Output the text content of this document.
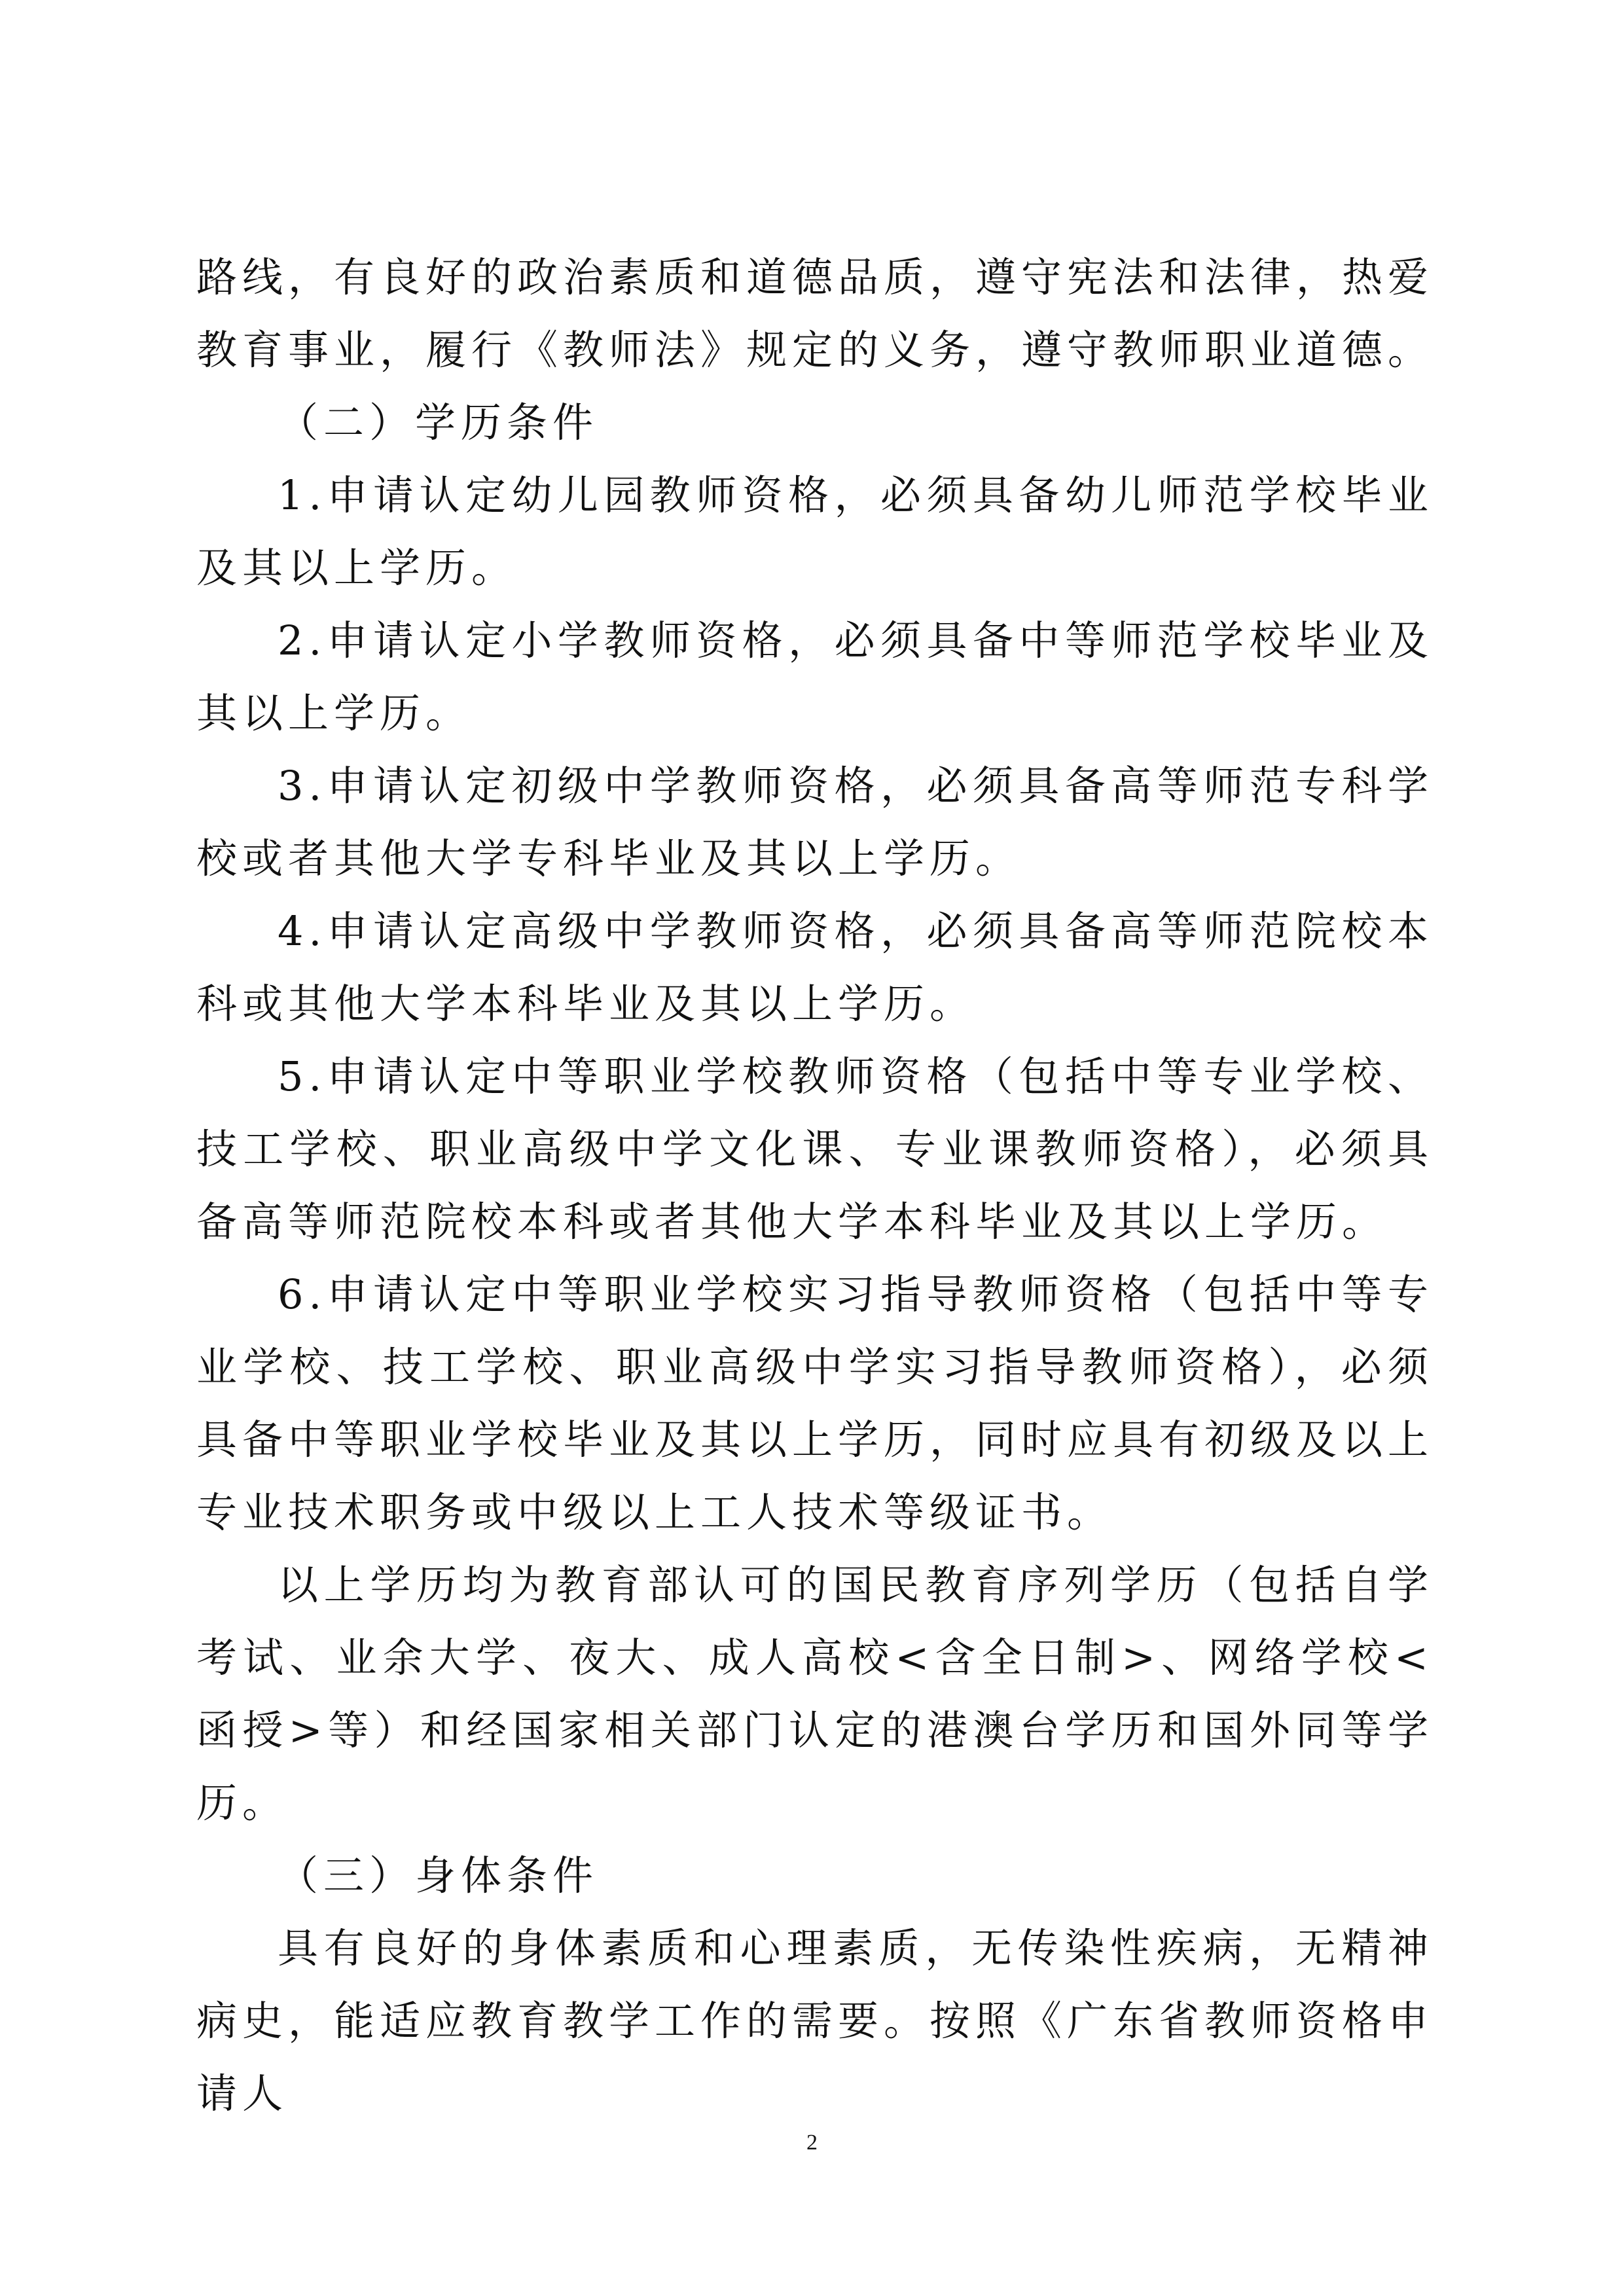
路线，有良好的政治素质和道德品质，遵守宪法和法律，热爱教育事业，履行《教师法》规定的义务，遵守教师职业道德。

（二）学历条件

1.申请认定幼儿园教师资格，必须具备幼儿师范学校毕业及其以上学历。

2.申请认定小学教师资格，必须具备中等师范学校毕业及其以上学历。

3.申请认定初级中学教师资格，必须具备高等师范专科学校或者其他大学专科毕业及其以上学历。

4.申请认定高级中学教师资格，必须具备高等师范院校本科或其他大学本科毕业及其以上学历。

5.申请认定中等职业学校教师资格（包括中等专业学校、技工学校、职业高级中学文化课、专业课教师资格），必须具备高等师范院校本科或者其他大学本科毕业及其以上学历。

6.申请认定中等职业学校实习指导教师资格（包括中等专业学校、技工学校、职业高级中学实习指导教师资格），必须具备中等职业学校毕业及其以上学历，同时应具有初级及以上专业技术职务或中级以上工人技术等级证书。

以上学历均为教育部认可的国民教育序列学历（包括自学考试、业余大学、夜大、成人高校<含全日制>、网络学校<函授>等）和经国家相关部门认定的港澳台学历和国外同等学历。

（三）身体条件

具有良好的身体素质和心理素质，无传染性疾病，无精神病史，能适应教育教学工作的需要。按照《广东省教师资格申请人

2
